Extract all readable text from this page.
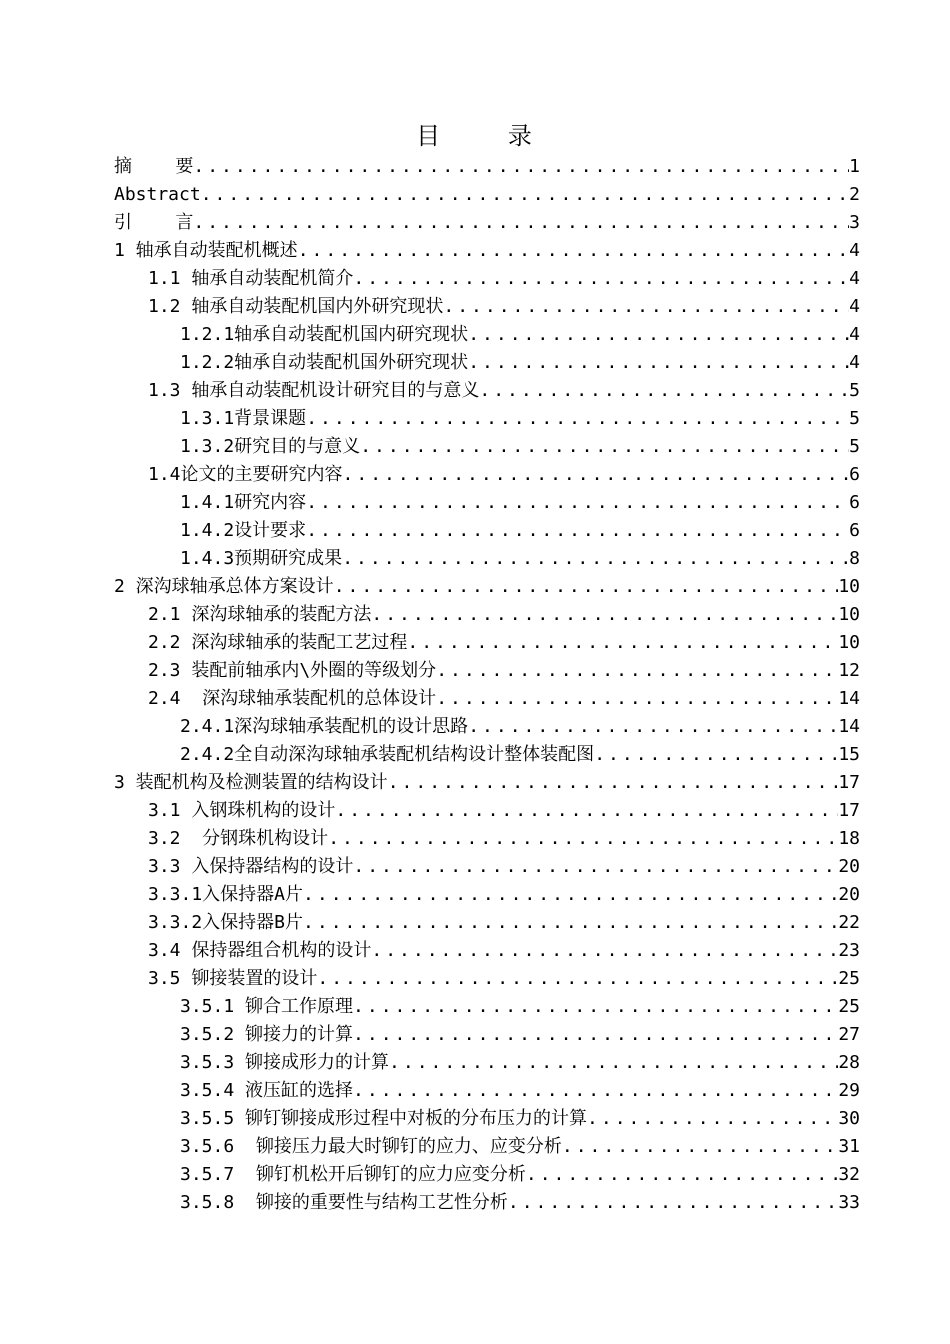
目    录
摘    要 .....	1
Abstract .....	2
引    言 .....	3
1 轴承自动装配机概述 .....	4
1.1 轴承自动装配机简介 .....	4
1.2 轴承自动装配机国内外研究现状 .....	4
1.2.1轴承自动装配机国内研究现状 .....	4
1.2.2轴承自动装配机国外研究现状 .....	4
1.3 轴承自动装配机设计研究目的与意义 .....	5
1.3.1背景课题 .....	5
1.3.2研究目的与意义 .....	5
1.4论文的主要研究内容 .....	6
1.4.1研究内容 .....	6
1.4.2设计要求 .....	6
1.4.3预期研究成果 .....	8
2 深沟球轴承总体方案设计 .....	10
2.1 深沟球轴承的装配方法 .....	10
2.2 深沟球轴承的装配工艺过程 .....	10
2.3 装配前轴承内\外圈的等级划分 .....	12
2.4  深沟球轴承装配机的总体设计 .....	14
2.4.1深沟球轴承装配机的设计思路 .....	14
2.4.2全自动深沟球轴承装配机结构设计整体装配图 .....	15
3 装配机构及检测装置的结构设计 .....	17
3.1 入钢珠机构的设计 .....	17
3.2  分钢珠机构设计 .....	18
3.3 入保持器结构的设计 .....	20
3.3.1入保持器A片 .....	20
3.3.2入保持器B片 .....	22
3.4 保持器组合机构的设计 .....	23
3.5 铆接装置的设计 .....	25
3.5.1 铆合工作原理 .....	25
3.5.2 铆接力的计算 .....	27
3.5.3 铆接成形力的计算 .....	28
3.5.4 液压缸的选择 .....	29
3.5.5 铆钉铆接成形过程中对板的分布压力的计算 .....	30
3.5.6  铆接压力最大时铆钉的应力、应变分析 .....	31
3.5.7  铆钉机松开后铆钉的应力应变分析 .....	32
3.5.8  铆接的重要性与结构工艺性分析 .....	33
